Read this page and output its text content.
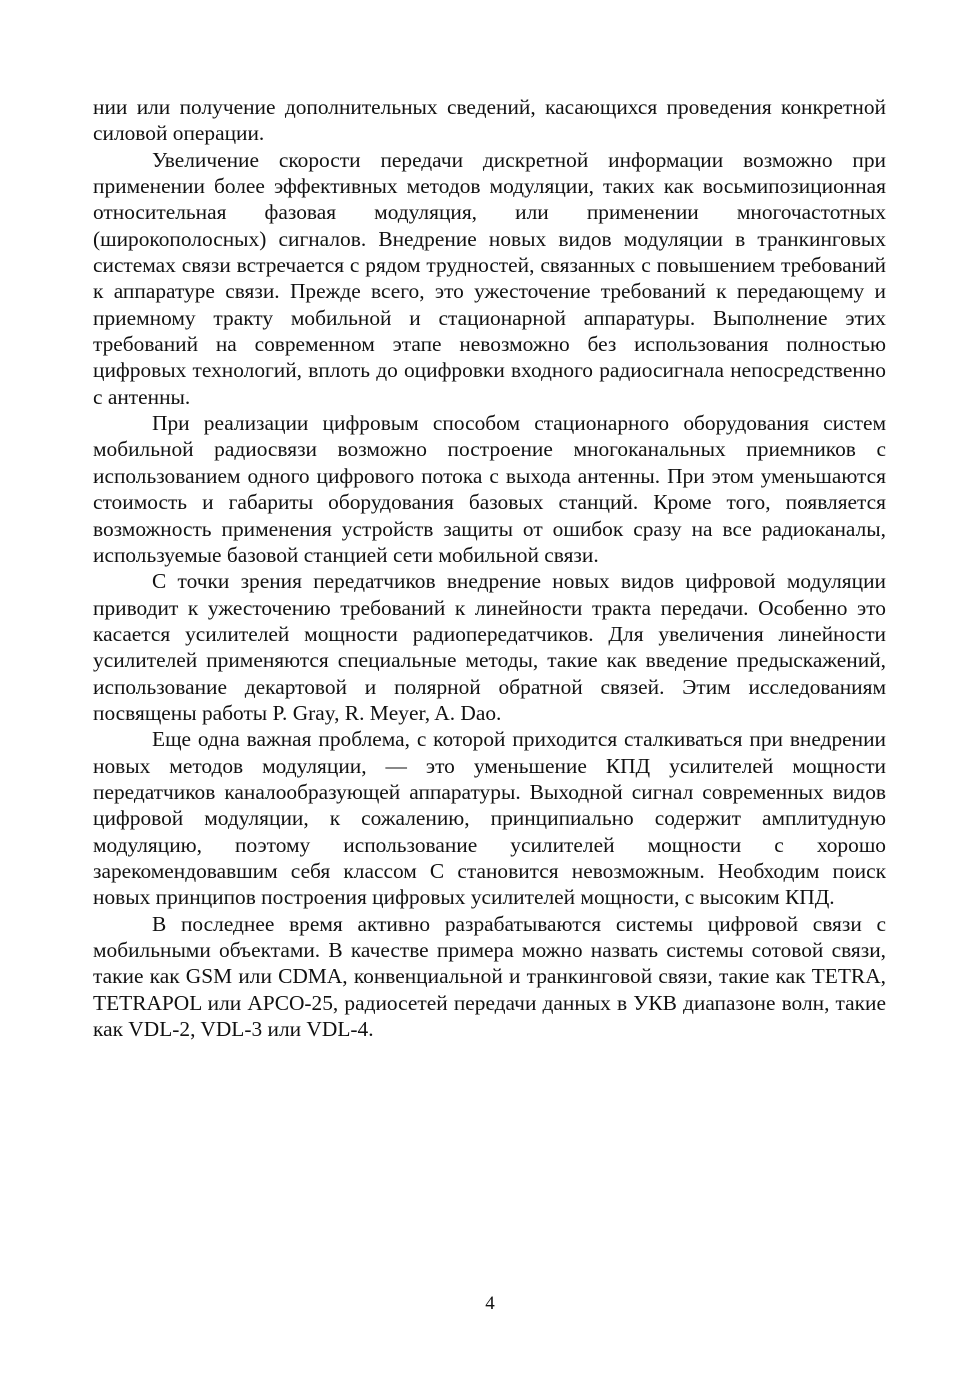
нии или получение дополнительных сведений, касающихся проведения конкретной силовой операции.

Увеличение скорости передачи дискретной информации возможно при применении более эффективных методов модуляции, таких как восьмипозиционная относительная фазовая модуляция, или применении многочастотных (широкополосных) сигналов. Внедрение новых видов модуляции в транкинговых системах связи встречается с рядом трудностей, связанных с повышением требований к аппаратуре связи. Прежде всего, это ужесточение требований к передающему и приемному тракту мобильной и стационарной аппаратуры. Выполнение этих требований на современном этапе невозможно без использования полностью цифровых технологий, вплоть до оцифровки входного радиосигнала непосредственно с антенны.

При реализации цифровым способом стационарного оборудования систем мобильной радиосвязи возможно построение многоканальных приемников с использованием одного цифрового потока с выхода антенны. При этом уменьшаются стоимость и габариты оборудования базовых станций. Кроме того, появляется возможность применения устройств защиты от ошибок сразу на все радиоканалы, используемые базовой станцией сети мобильной связи.

С точки зрения передатчиков внедрение новых видов цифровой модуляции приводит к ужесточению требований к линейности тракта передачи. Особенно это касается усилителей мощности радиопередатчиков. Для увеличения линейности усилителей применяются специальные методы, такие как введение предыскажений, использование декартовой и полярной обратной связей. Этим исследованиям посвящены работы P. Gray, R. Meyer, A. Dao.

Еще одна важная проблема, с которой приходится сталкиваться при внедрении новых методов модуляции, — это уменьшение КПД усилителей мощности передатчиков каналообразующей аппаратуры. Выходной сигнал современных видов цифровой модуляции, к сожалению, принципиально содержит амплитудную модуляцию, поэтому использование усилителей мощности с хорошо зарекомендовавшим себя классом С становится невозможным. Необходим поиск новых принципов построения цифровых усилителей мощности, с высоким КПД.

В последнее время активно разрабатываются системы цифровой связи с мобильными объектами. В качестве примера можно назвать системы сотовой связи, такие как GSM или CDMA, конвенциальной и транкинговой связи, такие как TETRA, TETRAPOL или APCO-25, радиосетей передачи данных в УКВ диапазоне волн, такие как VDL-2, VDL-3 или VDL-4.

4
